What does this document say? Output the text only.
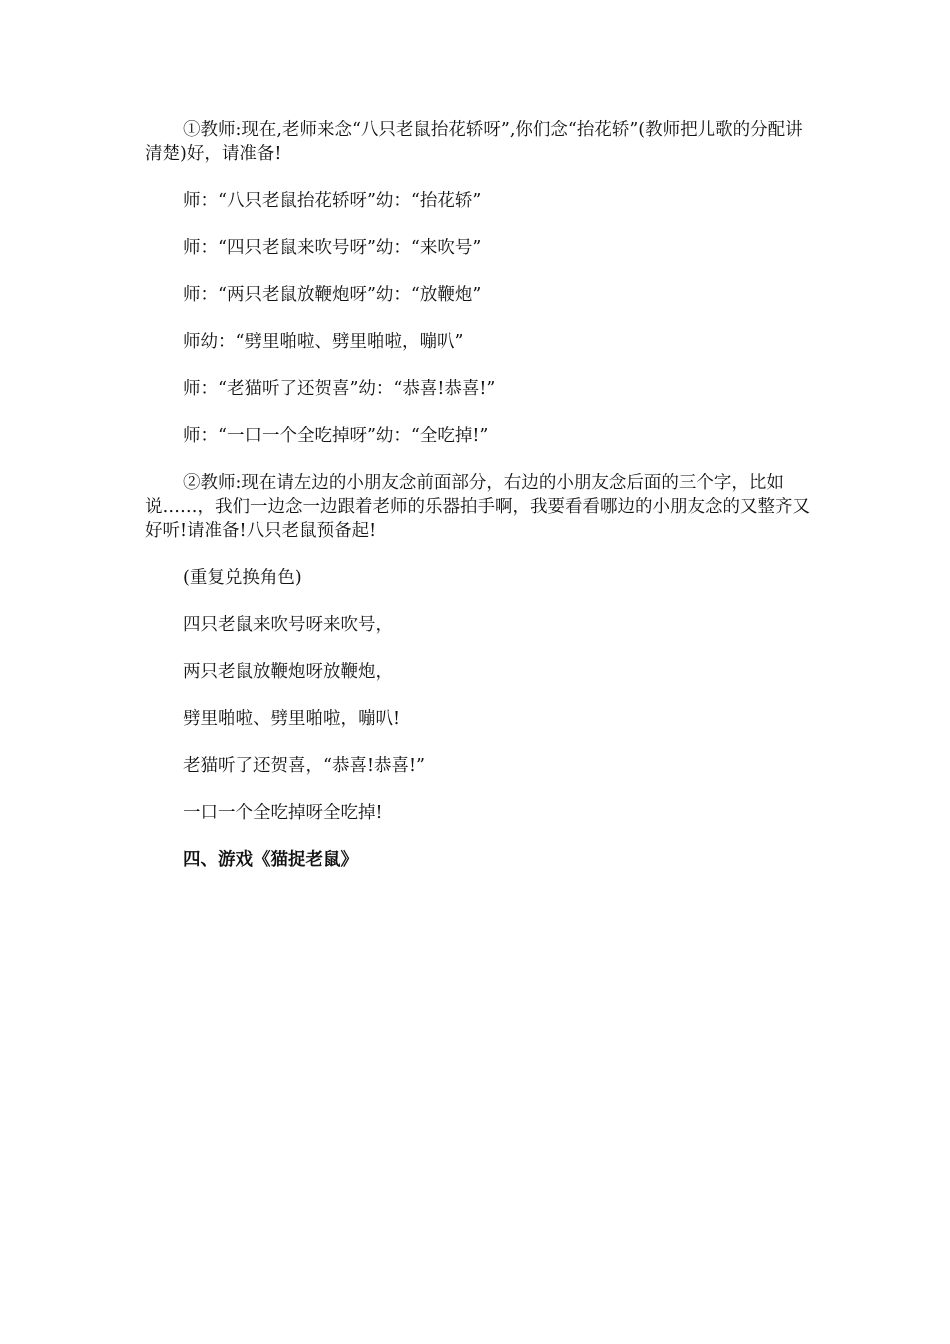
①教师:现在,老师来念“八只老鼠抬花轿呀”,你们念“抬花轿”(教师把儿歌的分配讲清楚)好，请准备!

师：“八只老鼠抬花轿呀”幼：“抬花轿”

师：“四只老鼠来吹号呀”幼：“来吹号”

师：“两只老鼠放鞭炮呀”幼：“放鞭炮”

师幼：“劈里啪啦、劈里啪啦，嘣叭”

师：“老猫听了还贺喜”幼：“恭喜!恭喜!”

师：“一口一个全吃掉呀”幼：“全吃掉!”

②教师:现在请左边的小朋友念前面部分，右边的小朋友念后面的三个字，比如说……，我们一边念一边跟着老师的乐器拍手啊，我要看看哪边的小朋友念的又整齐又好听!请准备!八只老鼠预备起!

(重复兑换角色)

四只老鼠来吹号呀来吹号，

两只老鼠放鞭炮呀放鞭炮，

劈里啪啦、劈里啪啦，嘣叭!

老猫听了还贺喜，“恭喜!恭喜!”

一口一个全吃掉呀全吃掉!

四、游戏《猫捉老鼠》
